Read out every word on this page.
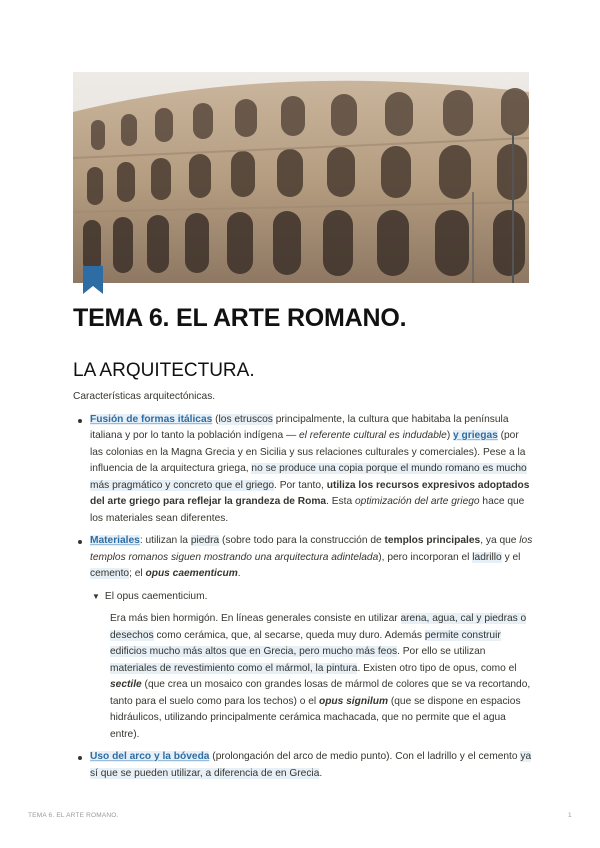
TEMA 6. EL ARTE ROMANO.
LA ARQUITECTURA.

Características arquitectónicas.

Fusión de formas itálicas (los etruscos principalmente, la cultura que habitaba la península italiana y por lo tanto la población indígena — el referente cultural es indudable) y griegas (por las colonias en la Magna Grecia y en Sicilia y sus relaciones culturales y comerciales). Pese a la influencia de la arquitectura griega, no se produce una copia porque el mundo romano es mucho más pragmático y concreto que el griego. Por tanto, utiliza los recursos expresivos adoptados del arte griego para reflejar la grandeza de Roma. Esta optimización del arte griego hace que los materiales sean diferentes.
Materiales: utilizan la piedra (sobre todo para la construcción de templos principales, ya que los templos romanos siguen mostrando una arquitectura adintelada), pero incorporan el ladrillo y el cemento; el opus caementicum.
▼ El opus caementicium.
Era más bien hormigón. En líneas generales consiste en utilizar arena, agua, cal y piedras o desechos como cerámica, que, al secarse, queda muy duro. Además permite construir edificios mucho más altos que en Grecia, pero mucho más feos. Por ello se utilizan materiales de revestimiento como el mármol, la pintura. Existen otro tipo de opus, como el sectile (que crea un mosaico con grandes losas de mármol de colores que se va recortando, tanto para el suelo como para los techos) o el opus signilum (que se dispone en espacios hidráulicos, utilizando principalmente cerámica machacada, que no permite que el agua entre).
Uso del arco y la bóveda (prolongación del arco de medio punto). Con el ladrillo y el cemento ya sí que se pueden utilizar, a diferencia de en Grecia.
TEMA 6. EL ARTE ROMANO.	1
